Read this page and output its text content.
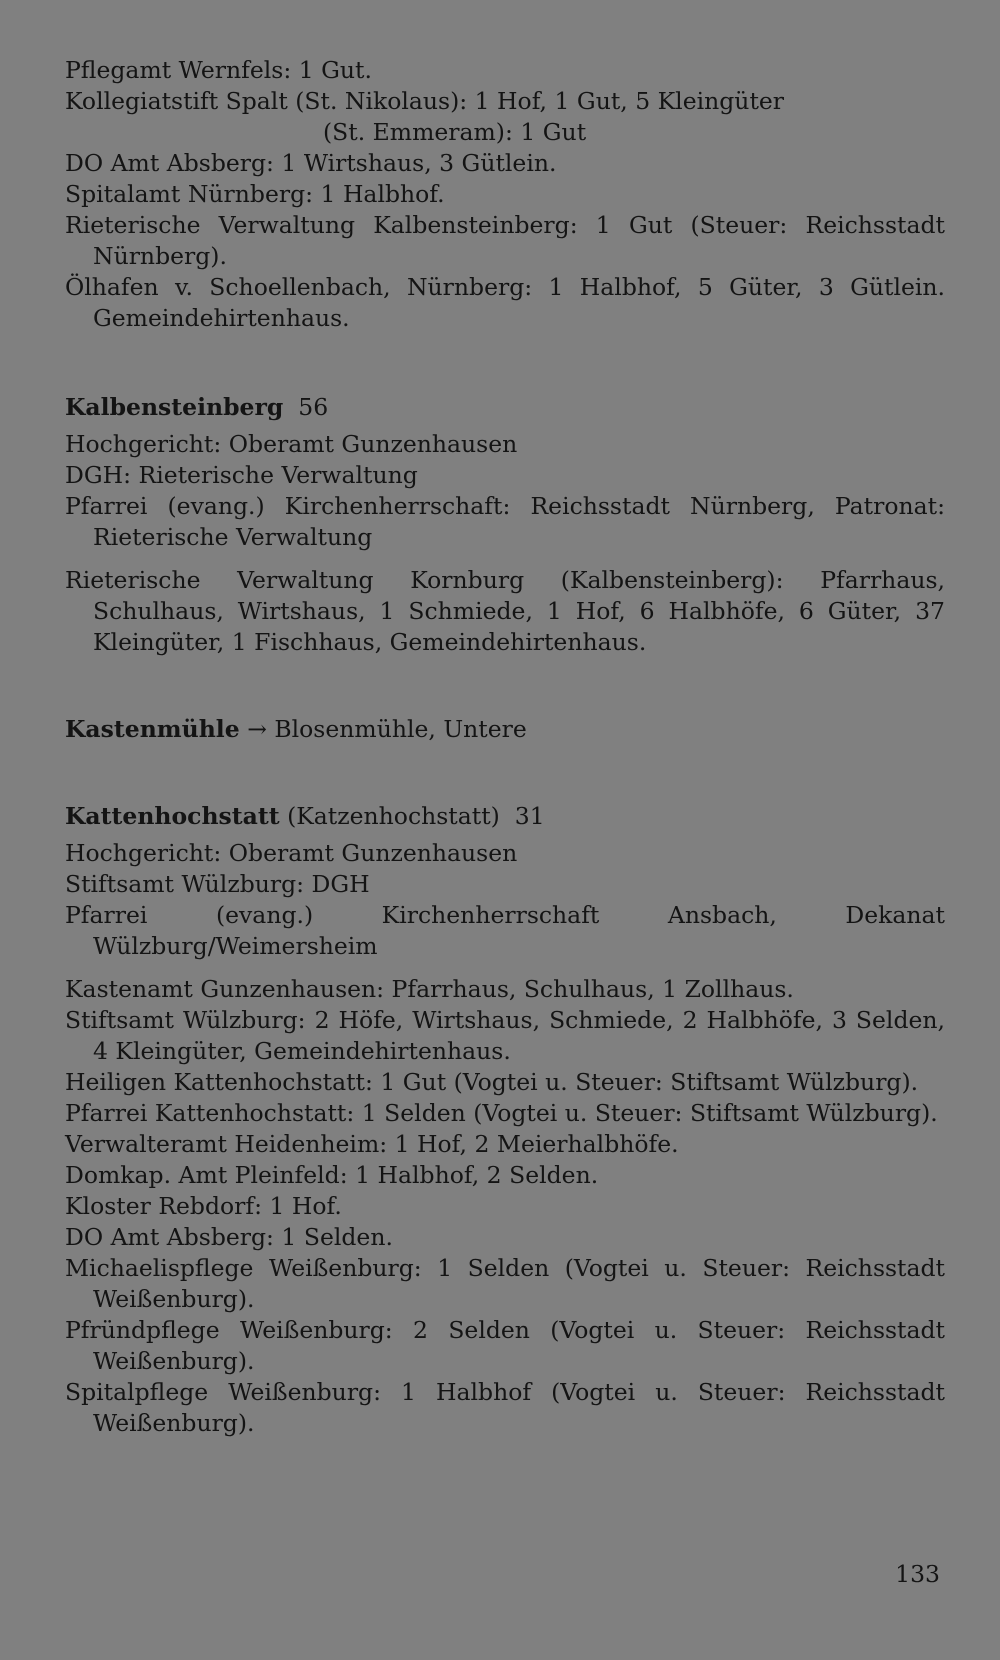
Pflegamt Wernfels: 1 Gut.

Kollegiatstift Spalt (St. Nikolaus): 1 Hof, 1 Gut, 5 Kleingüter

(St. Emmeram): 1 Gut

DO Amt Absberg: 1 Wirtshaus, 3 Gütlein.

Spitalamt Nürnberg: 1 Halbhof.

Rieterische Verwaltung Kalbensteinberg: 1 Gut (Steuer: Reichsstadt Nürnberg).

Ölhafen v. Schoellenbach, Nürnberg: 1 Halbhof, 5 Güter, 3 Gütlein. Gemeindehirtenhaus.

Kalbensteinberg 56

Hochgericht: Oberamt Gunzenhausen

DGH: Rieterische Verwaltung

Pfarrei (evang.) Kirchenherrschaft: Reichsstadt Nürnberg, Patronat: Rieterische Verwaltung

Rieterische Verwaltung Kornburg (Kalbensteinberg): Pfarrhaus, Schulhaus, Wirtshaus, 1 Schmiede, 1 Hof, 6 Halbhöfe, 6 Güter, 37 Kleingüter, 1 Fischhaus, Gemeindehirtenhaus.

Kastenmühle → Blosenmühle, Untere

Kattenhochstatt (Katzenhochstatt) 31

Hochgericht: Oberamt Gunzenhausen

Stiftsamt Wülzburg: DGH

Pfarrei (evang.) Kirchenherrschaft Ansbach, Dekanat Wülzburg/Weimersheim

Kastenamt Gunzenhausen: Pfarrhaus, Schulhaus, 1 Zollhaus.

Stiftsamt Wülzburg: 2 Höfe, Wirtshaus, Schmiede, 2 Halbhöfe, 3 Selden, 4 Kleingüter, Gemeindehirtenhaus.

Heiligen Kattenhochstatt: 1 Gut (Vogtei u. Steuer: Stiftsamt Wülzburg).

Pfarrei Kattenhochstatt: 1 Selden (Vogtei u. Steuer: Stiftsamt Wülzburg).

Verwalteramt Heidenheim: 1 Hof, 2 Meierhalbhöfe.

Domkap. Amt Pleinfeld: 1 Halbhof, 2 Selden.

Kloster Rebdorf: 1 Hof.

DO Amt Absberg: 1 Selden.

Michaelispflege Weißenburg: 1 Selden (Vogtei u. Steuer: Reichsstadt Weißenburg).

Pfründpflege Weißenburg: 2 Selden (Vogtei u. Steuer: Reichsstadt Weißenburg).

Spitalpflege Weißenburg: 1 Halbhof (Vogtei u. Steuer: Reichsstadt Weißenburg).

133
